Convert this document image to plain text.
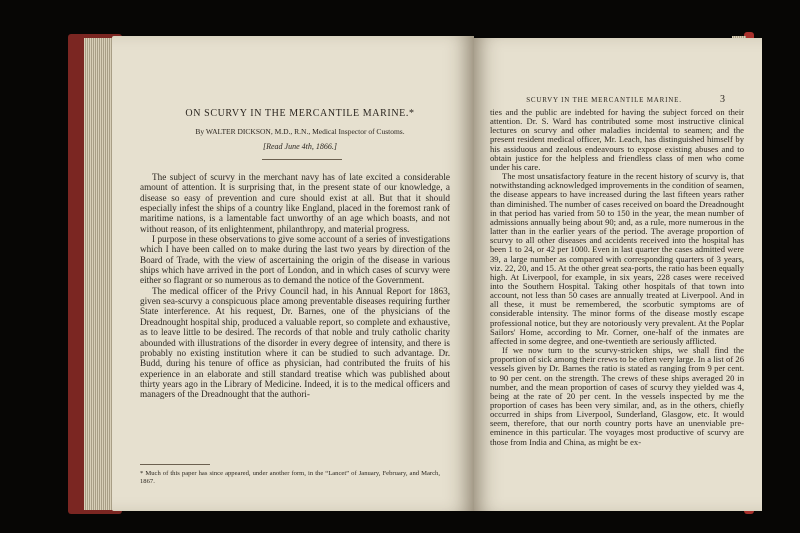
ON SCURVY IN THE MERCANTILE MARINE.*
By WALTER DICKSON, M.D., R.N., Medical Inspector of Customs.
[Read June 4th, 1866.]

The subject of scurvy in the merchant navy has of late excited a considerable amount of attention. It is surprising that, in the present state of our knowledge, a disease so easy of prevention and cure should exist at all. But that it should especially infest the ships of a country like England, placed in the foremost rank of maritime nations, is a lamentable fact unworthy of an age which boasts, and not without reason, of its enlightenment, philanthropy, and material progress.

I purpose in these observations to give some account of a series of investigations which I have been called on to make during the last two years by direction of the Board of Trade, with the view of ascertaining the origin of the disease in various ships which have arrived in the port of London, and in which cases of scurvy were either so flagrant or so numerous as to demand the notice of the Government.

The medical officer of the Privy Council had, in his Annual Report for 1863, given sea-scurvy a conspicuous place among preventable diseases requiring further State interference. At his request, Dr. Barnes, one of the physicians of the Dreadnought hospital ship, produced a valuable report, so complete and exhaustive, as to leave little to be desired. The records of that noble and truly catholic charity abounded with illustrations of the disorder in every degree of intensity, and there is probably no existing institution where it can be studied to such advantage. Dr. Budd, during his tenure of office as physician, had contributed the fruits of his experience in an elaborate and still standard treatise which was published about thirty years ago in the Library of Medicine. Indeed, it is to the medical officers and managers of the Dreadnought that the authori-

* Much of this paper has since appeared, under another form, in the “Lancet” of January, February, and March, 1867.
SCURVY IN THE MERCANTILE MARINE.	3

ties and the public are indebted for having the subject forced on their attention. Dr. S. Ward has contributed some most instructive clinical lectures on scurvy and other maladies incidental to seamen; and the present resident medical officer, Mr. Leach, has distinguished himself by his assiduous and zealous endeavours to expose existing abuses and to obtain justice for the helpless and friendless class of men who come under his care.

The most unsatisfactory feature in the recent history of scurvy is, that notwithstanding acknowledged improvements in the condition of seamen, the disease appears to have increased during the last fifteen years rather than diminished. The number of cases received on board the Dreadnought in that period has varied from 50 to 150 in the year, the mean number of admissions annually being about 90; and, as a rule, more numerous in the latter than in the earlier years of the period. The average proportion of scurvy to all other diseases and accidents received into the hospital has been 1 to 24, or 42 per 1000. Even in last quarter the cases admitted were 39, a large number as compared with corresponding quarters of 3 years, viz. 22, 20, and 15. At the other great sea-ports, the ratio has been equally high. At Liverpool, for example, in six years, 228 cases were received into the Southern Hospital. Taking other hospitals of that town into account, not less than 50 cases are annually treated at Liverpool. And in all these, it must be remembered, the scorbutic symptoms are of considerable intensity. The minor forms of the disease mostly escape professional notice, but they are notoriously very prevalent. At the Poplar Sailors' Home, according to Mr. Corner, one-half of the inmates are affected in some degree, and one-twentieth are seriously afflicted.

If we now turn to the scurvy-stricken ships, we shall find the proportion of sick among their crews to be often very large. In a list of 26 vessels given by Dr. Barnes the ratio is stated as ranging from 9 per cent. to 90 per cent. on the strength. The crews of these ships averaged 20 in number, and the mean proportion of cases of scurvy they yielded was 4, being at the rate of 20 per cent. In the vessels inspected by me the proportion of cases has been very similar, and, as in the others, chiefly occurred in ships from Liverpool, Sunderland, Glasgow, etc. It would seem, therefore, that our north country ports have an unenviable pre-eminence in this particular. The voyages most productive of scurvy are those from India and China, as might be ex-
